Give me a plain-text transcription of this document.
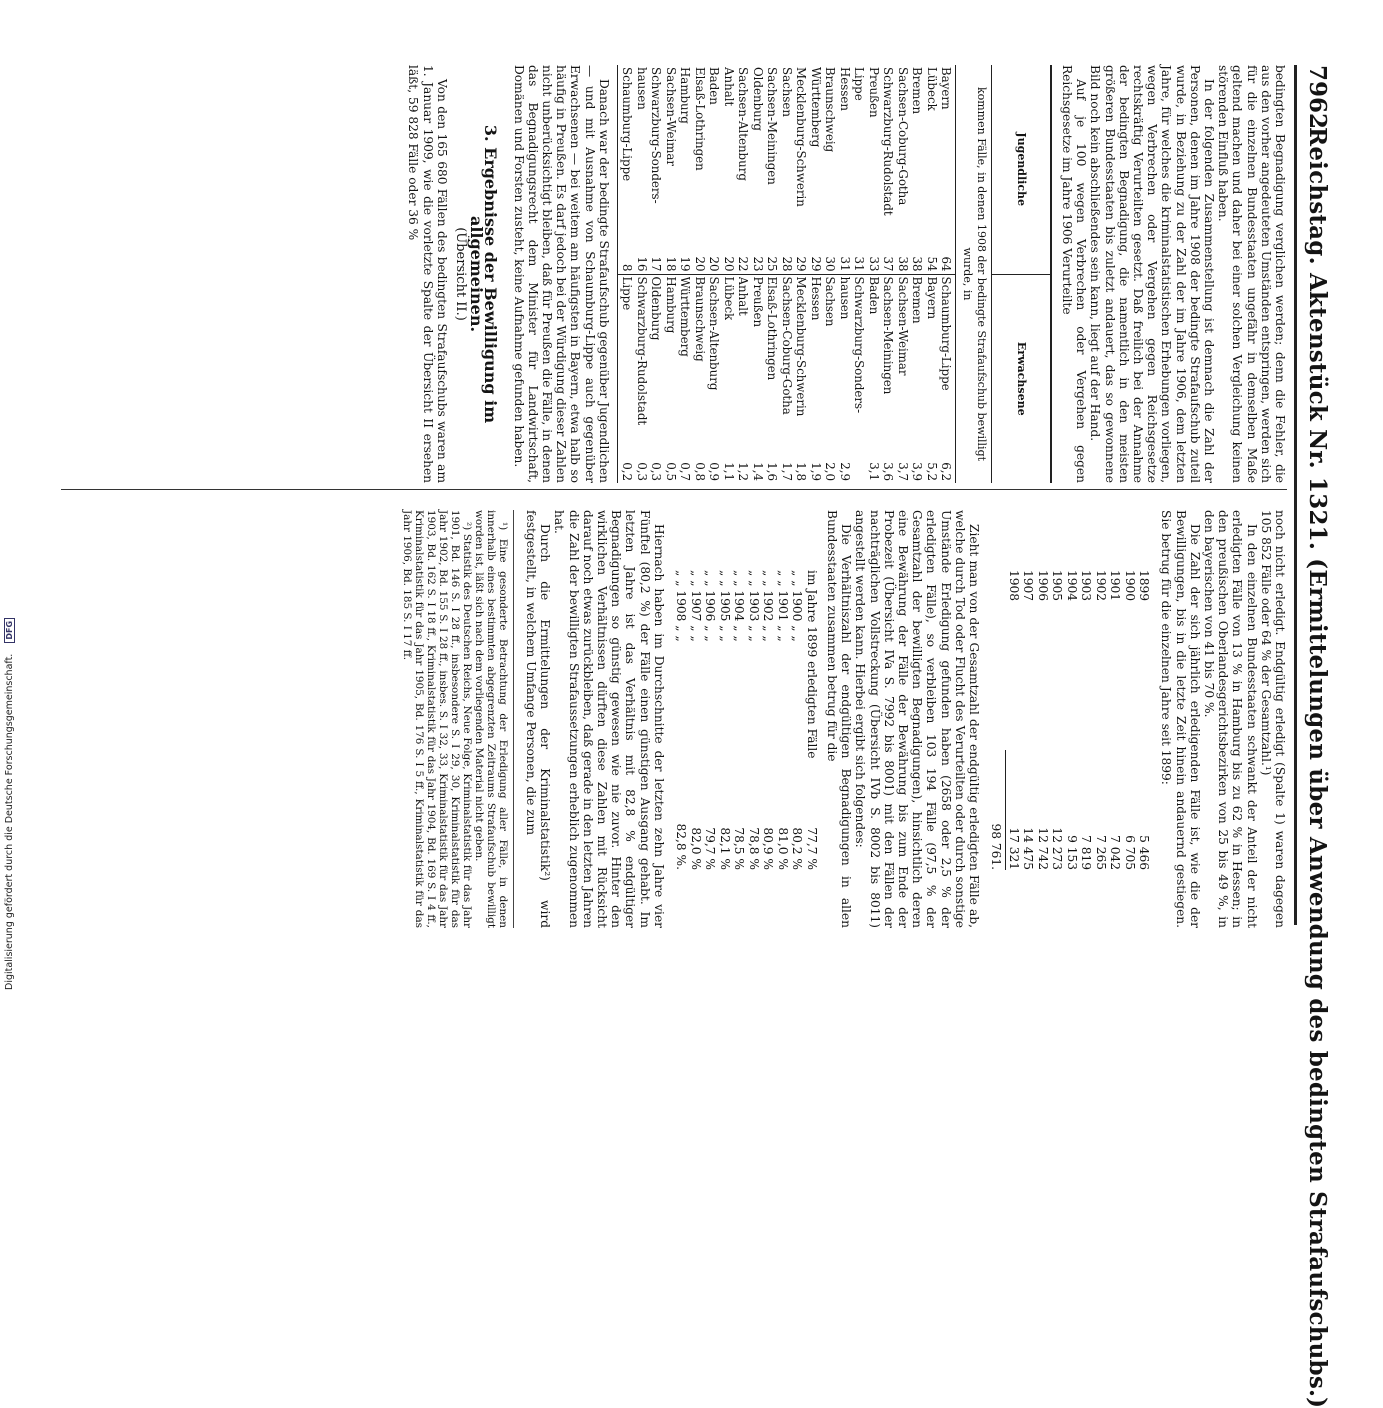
7962
Reichstag. Aktenstück Nr. 1321. (Ermittelungen über Anwendung des bedingten Strafaufschubs.)

bedingten Begnadigung verglichen werden; denn die Fehler, die aus den vorher angedeuteten Umständen entspringen, werden sich für die einzelnen Bundesstaaten ungefähr in demselben Maße geltend machen und daher bei einer solchen Vergleichung keinen störenden Einfluß haben.

In der folgenden Zusammenstellung ist demnach die Zahl der Personen, denen im Jahre 1908 der bedingte Strafaufschub zuteil wurde, in Beziehung zu der Zahl der im Jahre 1906, dem letzten Jahre, für welches die kriminalstatistischen Erhebungen vorliegen, wegen Verbrechen oder Vergehen gegen Reichsgesetze rechtskräftig Verurteilten gesetzt. Daß freilich bei der Annahme der bedingten Begnadigung, die namentlich in den meisten größeren Bundesstaaten bis zuletzt andauert, das so gewonnene Bild noch kein abschließendes sein kann, liegt auf der Hand.

Auf je 100 wegen Verbrechen oder Vergehen gegen Reichsgesetze im Jahre 1906 Verurteilte

Jugendliche
Erwachsene
kommen Fälle, in denen 1908 der bedingte Strafaufschub bewilligt wurde, in
Bayern
64
Lübeck
54
Bremen
38
Sachsen-Coburg-Gotha
38
Schwarzburg-Rudolstadt
37
Preußen
33
Lippe
31
Hessen
31
Braunschweig
30
Württemberg
29
Mecklenburg-Schwerin
29
Sachsen
28
Sachsen-Meiningen
25
Oldenburg
23
Sachsen-Altenburg
22
Anhalt
20
Baden
20
Elsaß-Lothringen
20
Hamburg
19
Sachsen-Weimar
18
Schwarzburg-Sonders-
17
hausen
16
Schaumburg-Lippe
8
Schaumburg-Lippe
6,2
Bayern
5,2
Bremen
3,9
Sachsen-Weimar
3,7
Sachsen-Meiningen
3,6
Baden
3,1
Schwarzburg-Sonders-
hausen
2,9
Sachsen
2,0
Hessen
1,9
Mecklenburg-Schwerin
1,8
Sachsen-Coburg-Gotha
1,7
Elsaß-Lothringen
1,6
Preußen
1,4
Anhalt
1,2
Lübeck
1,1
Sachsen-Altenburg
0,9
Braunschweig
0,8
Württemberg
0,7
Hamburg
0,5
Oldenburg
0,3
Schwarzburg-Rudolstadt
0,3
Lippe
0,2

Danach war der bedingte Strafaufschub gegenüber Jugendlichen — und mit Ausnahme von Schaumburg-Lippe auch gegenüber Erwachsenen — bei weitem am häufigsten in Bayern, etwa halb so häufig in Preußen. Es darf jedoch bei der Würdigung dieser Zahlen nicht unberücksichtigt bleiben, daß für Preußen die Fälle, in denen das Begnadigungsrecht dem Minister für Landwirtschaft, Domänen und Forsten zusteht, keine Aufnahme gefunden haben.

3. Ergebnisse der Bewilligung im allgemeinen.
(Übersicht II.)

Von den 165 680 Fällen des bedingten Strafaufschubs waren am 1. Januar 1909, wie die vorletzte Spalte der Übersicht II ersehen läßt, 59 828 Fälle oder 36 %

noch nicht erledigt. Endgültig erledigt (Spalte 1) waren dagegen 105 852 Fälle oder 64 % der Gesamtzahl.¹)

In den einzelnen Bundesstaaten schwankt der Anteil der nicht erledigten Fälle von 13 % in Hamburg bis zu 62 % in Hessen; in den preußischen Oberlandesgerichtsbezirken von 25 bis 49 %, in den bayerischen von 41 bis 70 %.

Die Zahl der sich jährlich erledigenden Fälle ist, wie die der Bewilligungen, bis in die letzte Zeit hinein andauernd gestiegen. Sie betrug für die einzelnen Jahre seit 1899:

1899
5 466
1900
6 705
1901
7 042
1902
7 265
1903
7 819
1904
9 153
1905
12 273
1906
12 742
1907
14 475
1908
17 321
98 761.

Zieht man von der Gesamtzahl der endgültig erledigten Fälle ab, welche durch Tod oder Flucht des Verurteilten oder durch sonstige Umstände Erledigung gefunden haben (2658 oder 2,5 % der erledigten Fälle), so verbleiben 103 194 Fälle (97,5 % der Gesamtzahl der bewilligten Begnadigungen), hinsichtlich deren eine Bewährung der Fälle der Bewährung bis zum Ende der Probezeit (Übersicht IVa S. 7992 bis 8001) mit den Fällen der nachträglichen Vollstreckung (Übersicht IVb S. 8002 bis 8011) angestellt werden kann. Hierbei ergibt sich folgendes:

Die Verhältniszahl der endgültigen Begnadigungen in allen Bundesstaaten zusammen betrug für die

im Jahre 1899 erledigten Fälle
77,7 %
„ „ 1900 „ „
80,2 %
„ „ 1901 „ „
81,0 %
„ „ 1902 „ „
80,9 %
„ „ 1903 „ „
78,8 %
„ „ 1904 „ „
78,5 %
„ „ 1905 „ „
82,1 %
„ „ 1906 „ „
79,7 %
„ „ 1907 „ „
82,0 %
„ „ 1908 „ „
82,8 %.

Hiernach haben im Durchschnitte der letzten zehn Jahre vier Fünftel (80,2 %) der Fälle einen günstigen Ausgang gehabt. Im letzten Jahre ist das Verhältnis mit 82,8 % endgültiger Begnadigungen so günstig gewesen wie nie zuvor. Hinter den wirklichen Verhältnissen dürften diese Zahlen mit Rücksicht darauf noch etwas zurückbleiben, daß gerade in den letzten Jahren die Zahl der bewilligten Strafaussetzungen erheblich zugenommen hat.

Durch die Ermittelungen der Kriminalstatistik²) wird festgestellt, in welchem Umfange Personen, die zum

¹) Eine gesonderte Betrachtung der Erledigung aller Fälle, in denen innerhalb eines bestimmten abgegrenzten Zeitraums Strafaufschub bewilligt worden ist, läßt sich nach dem vorliegenden Material nicht geben.

²) Statistik des Deutschen Reichs, Neue Folge, Kriminalstatistik für das Jahr 1901, Bd. 146 S. I 28 ff., insbesondere S. I 29, 30, Kriminalstatistik für das Jahr 1902, Bd. 155 S. I 28 ff., insbes. S. I 32, 33, Kriminalstatistik für das Jahr 1903, Bd. 162 S. I 18 ff., Kriminalstatistik für das Jahr 1904, Bd. 169 S. I 4 ff., Kriminalstatistik für das Jahr 1905, Bd. 176 S. I 5 ff., Kriminalstatistik für das Jahr 1906, Bd. 185 S. I 17 ff.

Digitalisierung gefördert durch die Deutsche Forschungsgemeinschaft. DFG
